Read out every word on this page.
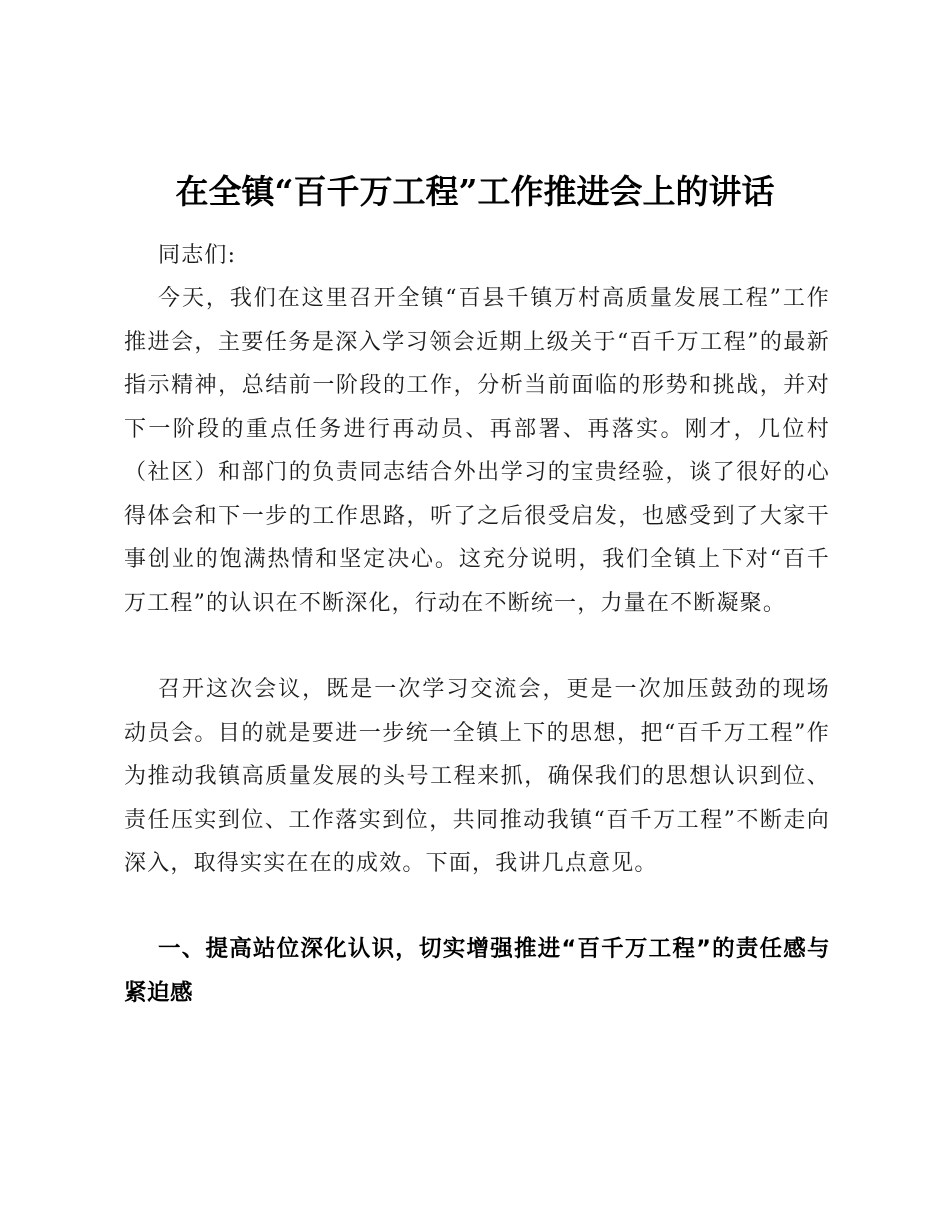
在全镇“百千万工程”工作推进会上的讲话

同志们:

今天，我们在这里召开全镇“百县千镇万村高质量发展工程”工作推进会，主要任务是深入学习领会近期上级关于“百千万工程”的最新指示精神，总结前一阶段的工作，分析当前面临的形势和挑战，并对下一阶段的重点任务进行再动员、再部署、再落实。刚才，几位村（社区）和部门的负责同志结合外出学习的宝贵经验，谈了很好的心得体会和下一步的工作思路，听了之后很受启发，也感受到了大家干事创业的饱满热情和坚定决心。这充分说明，我们全镇上下对“百千万工程”的认识在不断深化，行动在不断统一，力量在不断凝聚。

召开这次会议，既是一次学习交流会，更是一次加压鼓劲的现场动员会。目的就是要进一步统一全镇上下的思想，把“百千万工程”作为推动我镇高质量发展的头号工程来抓，确保我们的思想认识到位、责任压实到位、工作落实到位，共同推动我镇“百千万工程”不断走向深入，取得实实在在的成效。下面，我讲几点意见。

一、提高站位深化认识，切实增强推进“百千万工程”的责任感与紧迫感
